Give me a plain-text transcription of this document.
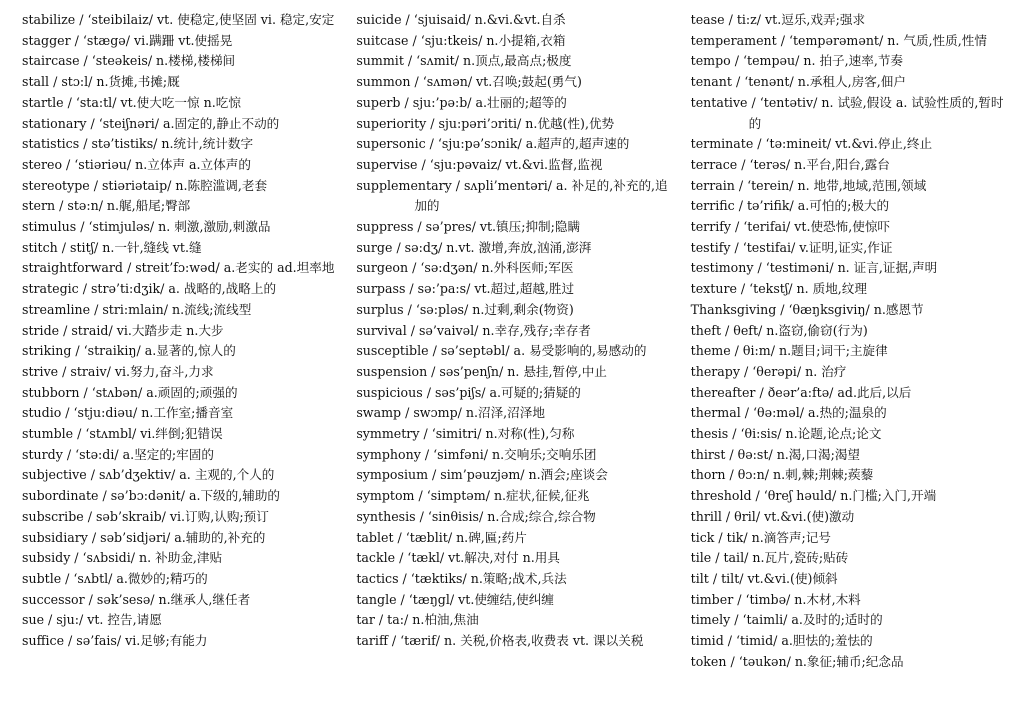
stabilize / ‘steibilaiz/ vt. 使稳定,使坚固 vi. 稳定,安定

stagger / ‘stægə/ vi.蹒跚 vt.使摇晃

staircase / ‘steəkeis/ n.楼梯,楼梯间

stall / stɔ:l/ n.货摊,书摊;厩

startle / ‘sta:tl/ vt.使大吃一惊 n.吃惊

stationary / ‘steiʃnəri/ a.固定的,静止不动的

statistics / stə’tistiks/ n.统计,统计数字

stereo / ‘stiəriəu/ n.立体声 a.立体声的

stereotype / stiəriətaip/ n.陈腔滥调,老套

stern / stə:n/ n.艉,船尾;臀部

stimulus / ‘stimjuləs/ n. 刺激,激励,刺激品

stitch / stitʃ/ n.一针,缝线 vt.缝

straightforward / streit’fɔ:wəd/ a.老实的 ad.坦率地

strategic / strə’ti:dʒik/ a. 战略的,战略上的

streamline / stri:mlain/ n.流线;流线型

stride / straid/ vi.大踏步走 n.大步

striking / ‘straikiŋ/ a.显著的,惊人的

strive / straiv/ vi.努力,奋斗,力求

stubborn / ‘stʌbən/ a.顽固的;顽强的

studio / ‘stju:diəu/ n.工作室;播音室

stumble / ‘stʌmbl/ vi.绊倒;犯错误

sturdy / ‘stə:di/ a.坚定的;牢固的

subjective / sʌb’dʒektiv/ a. 主观的,个人的

subordinate / sə’bɔ:dənit/ a.下级的,辅助的

subscribe / səb’skraib/ vi.订购,认购;预订

subsidiary / səb’sidjəri/ a.辅助的,补充的

subsidy / ‘sʌbsidi/ n. 补助金,津贴

subtle / ‘sʌbtl/ a.微妙的;精巧的

successor / sək’sesə/ n.继承人,继任者

sue / sju:/ vt. 控告,请愿

suffice / sə’fais/ vi.足够;有能力

suicide / ‘sjuisaid/ n.&vi.&vt.自杀

suitcase / ‘sju:tkeis/ n.小提箱,衣箱

summit / ‘sʌmit/ n.顶点,最高点;极度

summon / ‘sʌmən/ vt.召唤;鼓起(勇气)

superb / sju:’pə:b/ a.壮丽的;超等的

superiority / sju:pəri’ɔriti/ n.优越(性),优势

supersonic / ‘sju:pə’sɔnik/ a.超声的,超声速的

supervise / ‘sju:pəvaiz/ vt.&vi.监督,监视

supplementary / sʌpli’mentəri/ a. 补足的,补充的,追加的

suppress / sə’pres/ vt.镇压;抑制;隐瞒

surge / sə:dʒ/ n.vt. 激增,奔放,汹涌,澎湃

surgeon / ‘sə:dʒən/ n.外科医师;军医

surpass / sə:’pa:s/ vt.超过,超越,胜过

surplus / ‘sə:pləs/ n.过剩,剩余(物资)

survival / sə’vaivəl/ n.幸存,残存;幸存者

susceptible / sə’septəbl/ a. 易受影响的,易感动的

suspension / səs’penʃn/ n. 悬挂,暂停,中止

suspicious / səs’piʃs/ a.可疑的;猜疑的

swamp / swɔmp/ n.沼泽,沼泽地

symmetry / ‘simitri/ n.对称(性),匀称

symphony / ‘simfəni/ n.交响乐;交响乐团

symposium / sim’pəuzjəm/ n.酒会;座谈会

symptom / ‘simptəm/ n.症状,征候,征兆

synthesis / ‘sinθisis/ n.合成;综合,综合物

tablet / ‘tæblit/ n.碑,匾;药片

tackle / ‘tækl/ vt.解决,对付 n.用具

tactics / ‘tæktiks/ n.策略;战术,兵法

tangle / ‘tæŋgl/ vt.使缠结,使纠缠

tar / ta:/ n.柏油,焦油

tariff / ‘tærif/ n. 关税,价格表,收费表 vt. 课以关税

tease / ti:z/ vt.逗乐,戏弄;强求

temperament / ‘tempərəmənt/ n. 气质,性质,性情

tempo / ‘tempəu/ n. 拍子,速率,节奏

tenant / ‘tenənt/ n.承租人,房客,佃户

tentative / ‘tentətiv/ n. 试验,假设 a. 试验性质的,暂时的

terminate / ‘tə:mineit/ vt.&vi.停止,终止

terrace / ‘terəs/ n.平台,阳台,露台

terrain / ‘terein/ n. 地带,地域,范围,领域

terrific / tə’rifik/ a.可怕的;极大的

terrify / ‘terifai/ vt.使恐怖,使惊吓

testify / ‘testifai/ v.证明,证实,作证

testimony / ‘testiməni/ n. 证言,证据,声明

texture / ‘tekstʃ/ n. 质地,纹理

Thanksgiving / ‘θæŋksgiviŋ/ n.感恩节

theft / θeft/ n.盗窃,偷窃(行为)

theme / θi:m/ n.题目;词干;主旋律

therapy / ‘θerəpi/ n. 治疗

thereafter / ðeər’a:ftə/ ad.此后,以后

thermal / ‘θə:məl/ a.热的;温泉的

thesis / ‘θi:sis/ n.论题,论点;论文

thirst / θə:st/ n.渴,口渴;渴望

thorn / θɔ:n/ n.刺,棘;荆棘;蒺藜

threshold / ‘θreʃ həuld/ n.门槛;入门,开端

thrill / θril/ vt.&vi.(使)激动

tick / tik/ n.滴答声;记号

tile / tail/ n.瓦片,瓷砖;贴砖

tilt / tilt/ vt.&vi.(使)倾斜

timber / ‘timbə/ n.木材,木料

timely / ‘taimli/ a.及时的;适时的

timid / ‘timid/ a.胆怯的;羞怯的

token / ‘təukən/ n.象征;辅币;纪念品
